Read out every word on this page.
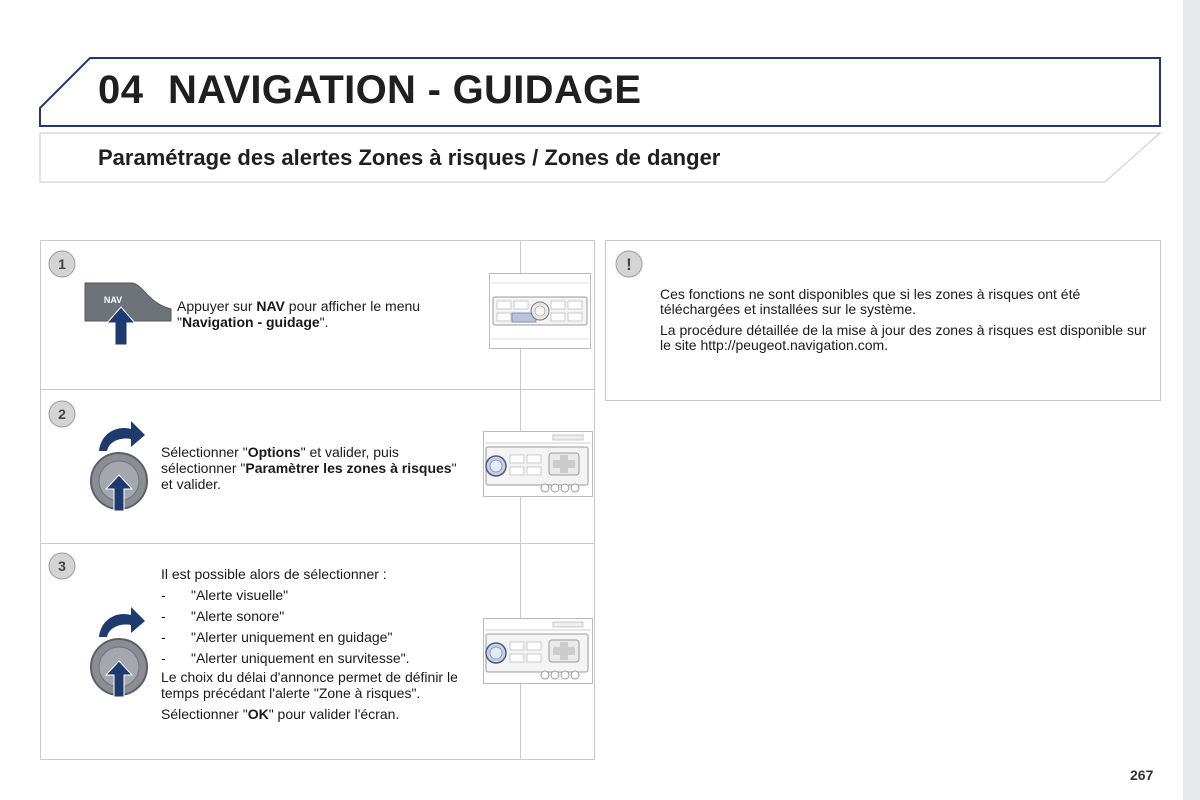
04 NAVIGATION - GUIDAGE
Paramétrage des alertes Zones à risques / Zones de danger
1
NAV	Appuyer sur NAV pour afficher le menu "Navigation - guidage".
2
Sélectionner "Options" et valider, puis sélectionner "Paramètrer les zones à risques" et valider.
3	Il est possible alors de sélectionner :
- "Alerte visuelle"
- "Alerte sonore"
- "Alerter uniquement en guidage"
- "Alerter uniquement en survitesse".
Le choix du délai d'annonce permet de définir le temps précédant l'alerte "Zone à risques".
Sélectionner "OK" pour valider l'écran.
!

Ces fonctions ne sont disponibles que si les zones à risques ont été téléchargées et installées sur le système.

La procédure détaillée de la mise à jour des zones à risques est disponible sur le site http://peugeot.navigation.com.

267
